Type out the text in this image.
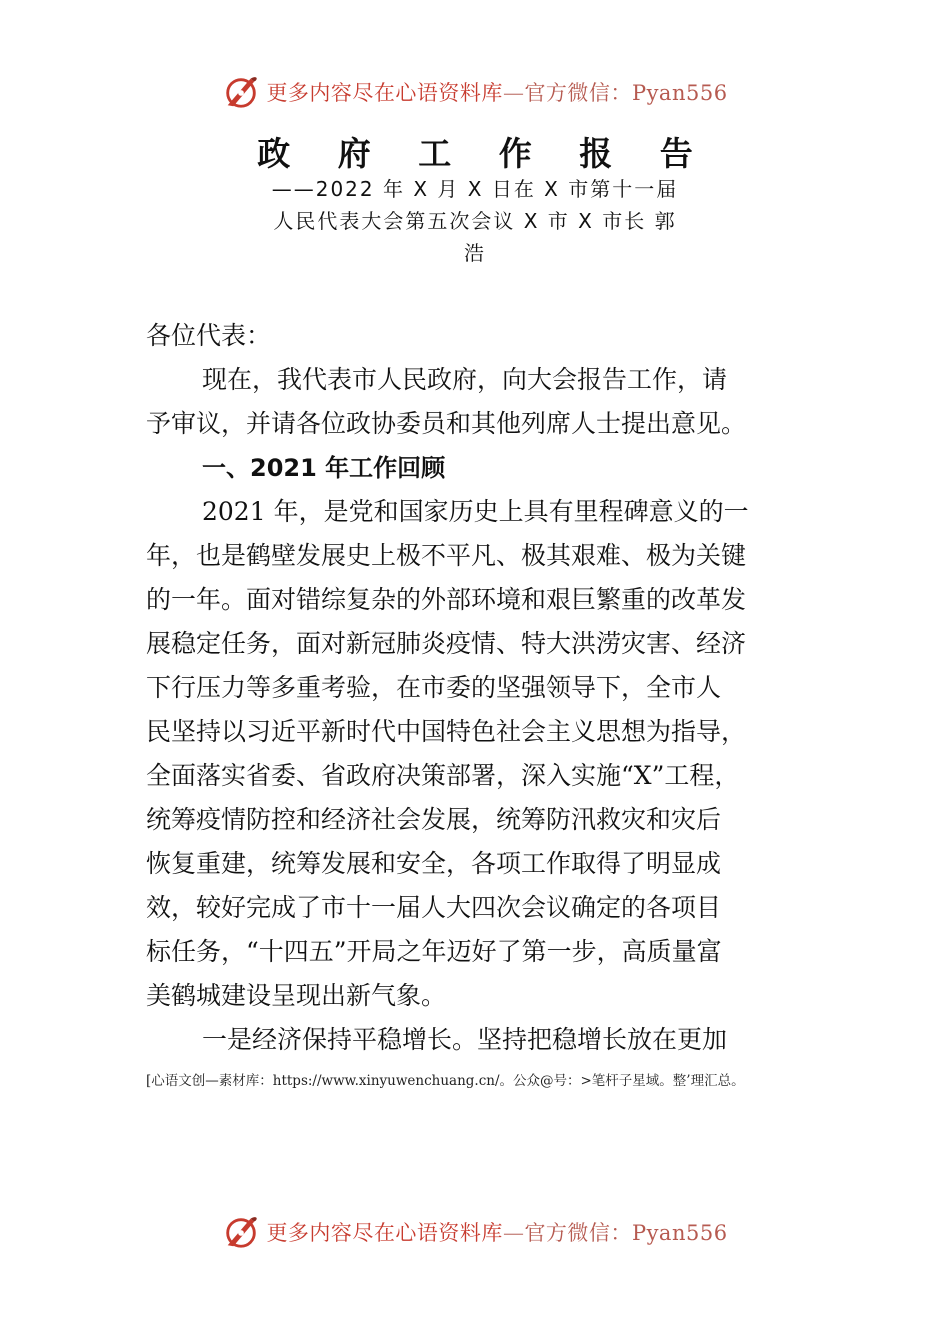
更多内容尽在心语资料库—官方微信：Pyan556
政 府 工 作 报 告
——2022 年 X 月 X 日在 X 市第十一届
人民代表大会第五次会议 X 市 X 市长 郭
浩

各位代表：

现在，我代表市人民政府，向大会报告工作，请

予审议，并请各位政协委员和其他列席人士提出意见。

一、2021 年工作回顾

2021 年，是党和国家历史上具有里程碑意义的一

年，也是鹤壁发展史上极不平凡、极其艰难、极为关键

的一年。面对错综复杂的外部环境和艰巨繁重的改革发

展稳定任务，面对新冠肺炎疫情、特大洪涝灾害、经济

下行压力等多重考验，在市委的坚强领导下，全市人

民坚持以习近平新时代中国特色社会主义思想为指导，

全面落实省委、省政府决策部署，深入实施“X”工程，

统筹疫情防控和经济社会发展，统筹防汛救灾和灾后

恢复重建，统筹发展和安全，各项工作取得了明显成

效，较好完成了市十一届人大四次会议确定的各项目

标任务，“十四五”开局之年迈好了第一步，高质量富

美鹤城建设呈现出新气象。

一是经济保持平稳增长。坚持把稳增长放在更加

[心语文创—素材库：https://www.xinyuwenchuang.cn/。公众@号：>笔杆子星域。整’理汇总。
更多内容尽在心语资料库—官方微信：Pyan556
